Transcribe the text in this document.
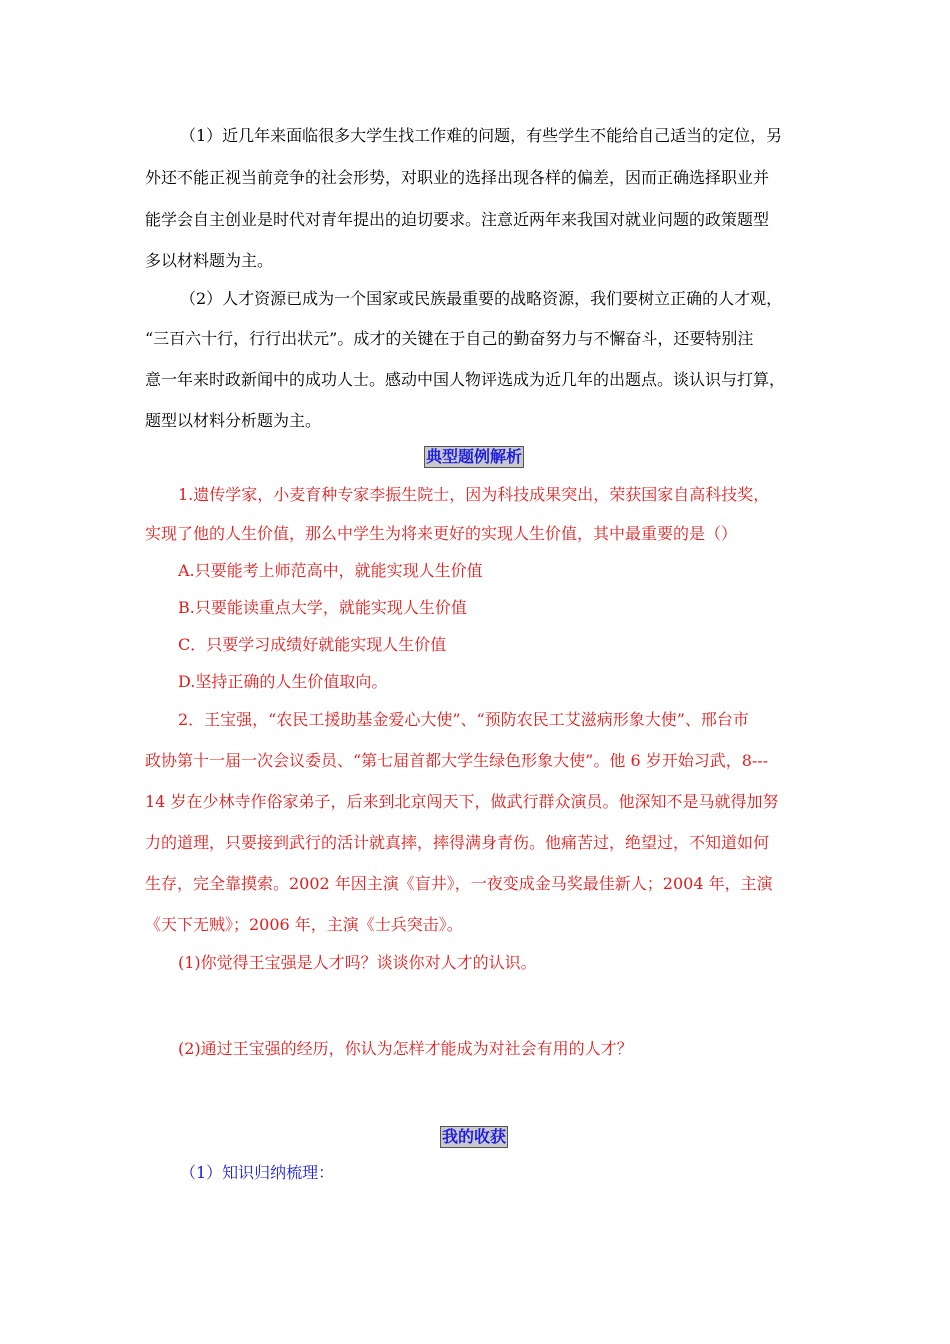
（1）近几年来面临很多大学生找工作难的问题，有些学生不能给自己适当的定位，另
外还不能正视当前竞争的社会形势，对职业的选择出现各样的偏差，因而正确选择职业并
能学会自主创业是时代对青年提出的迫切要求。注意近两年来我国对就业问题的政策题型
多以材料题为主。
（2）人才资源已成为一个国家或民族最重要的战略资源，我们要树立正确的人才观，
“三百六十行，行行出状元”。成才的关键在于自己的勤奋努力与不懈奋斗，还要特别注
意一年来时政新闻中的成功人士。感动中国人物评选成为近几年的出题点。谈认识与打算，
题型以材料分析题为主。
典型题例解析
1.遗传学家，小麦育种专家李振生院士，因为科技成果突出，荣获国家自高科技奖，
实现了他的人生价值，那么中学生为将来更好的实现人生价值，其中最重要的是（）
A.只要能考上师范高中，就能实现人生价值
B.只要能读重点大学，就能实现人生价值
C．只要学习成绩好就能实现人生价值
D.坚持正确的人生价值取向。
2．王宝强，“农民工援助基金爱心大使”、“预防农民工艾滋病形象大使”、邢台市
政协第十一届一次会议委员、“第七届首都大学生绿色形象大使”。他 6 岁开始习武，8---
14 岁在少林寺作俗家弟子，后来到北京闯天下，做武行群众演员。他深知不是马就得加努
力的道理，只要接到武行的活计就真摔，摔得满身青伤。他痛苦过，绝望过，不知道如何
生存，完全靠摸索。2002 年因主演《盲井》，一夜变成金马奖最佳新人；2004 年，主演
《天下无贼》；2006 年，主演《士兵突击》。
(1)你觉得王宝强是人才吗？谈谈你对人才的认识。
(2)通过王宝强的经历，你认为怎样才能成为对社会有用的人才？
我的收获
（1）知识归纳梳理：
